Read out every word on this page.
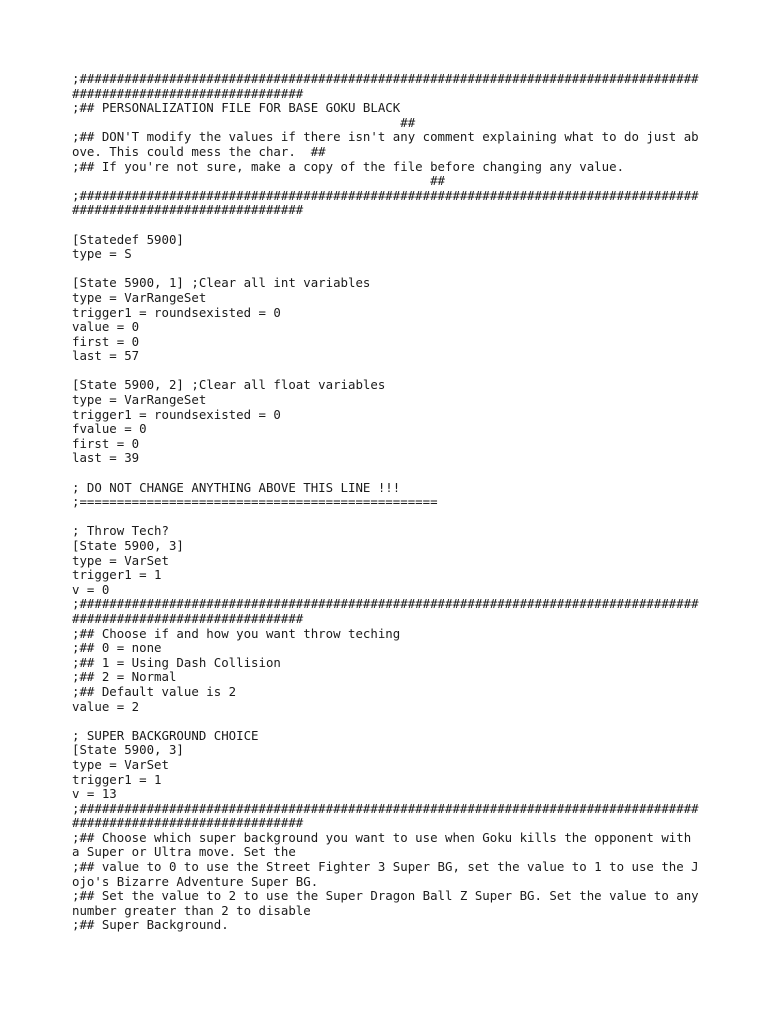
;##################################################################################################################
;## PERSONALIZATION FILE FOR BASE GOKU BLACK
##
;## DON'T modify the values if there isn't any comment explaining what to do just above. This could mess the char.  ##
;## If you're not sure, make a copy of the file before changing any value.
##
;##################################################################################################################
[Statedef 5900]
type = S
[State 5900, 1] ;Clear all int variables
type = VarRangeSet
trigger1 = roundsexisted = 0
value = 0
first = 0
last = 57
[State 5900, 2] ;Clear all float variables
type = VarRangeSet
trigger1 = roundsexisted = 0
fvalue = 0
first = 0
last = 39
; DO NOT CHANGE ANYTHING ABOVE THIS LINE !!!
;================================================
; Throw Tech?
[State 5900, 3]
type = VarSet
trigger1 = 1
v = 0
;##################################################################################################################
;## Choose if and how you want throw teching
;## 0 = none
;## 1 = Using Dash Collision
;## 2 = Normal
;## Default value is 2
value = 2
; SUPER BACKGROUND CHOICE
[State 5900, 3]
type = VarSet
trigger1 = 1
v = 13
;##################################################################################################################
;## Choose which super background you want to use when Goku kills the opponent with a Super or Ultra move. Set the
;## value to 0 to use the Street Fighter 3 Super BG, set the value to 1 to use the Jojo's Bizarre Adventure Super BG.
;## Set the value to 2 to use the Super Dragon Ball Z Super BG. Set the value to any number greater than 2 to disable
;## Super Background.
